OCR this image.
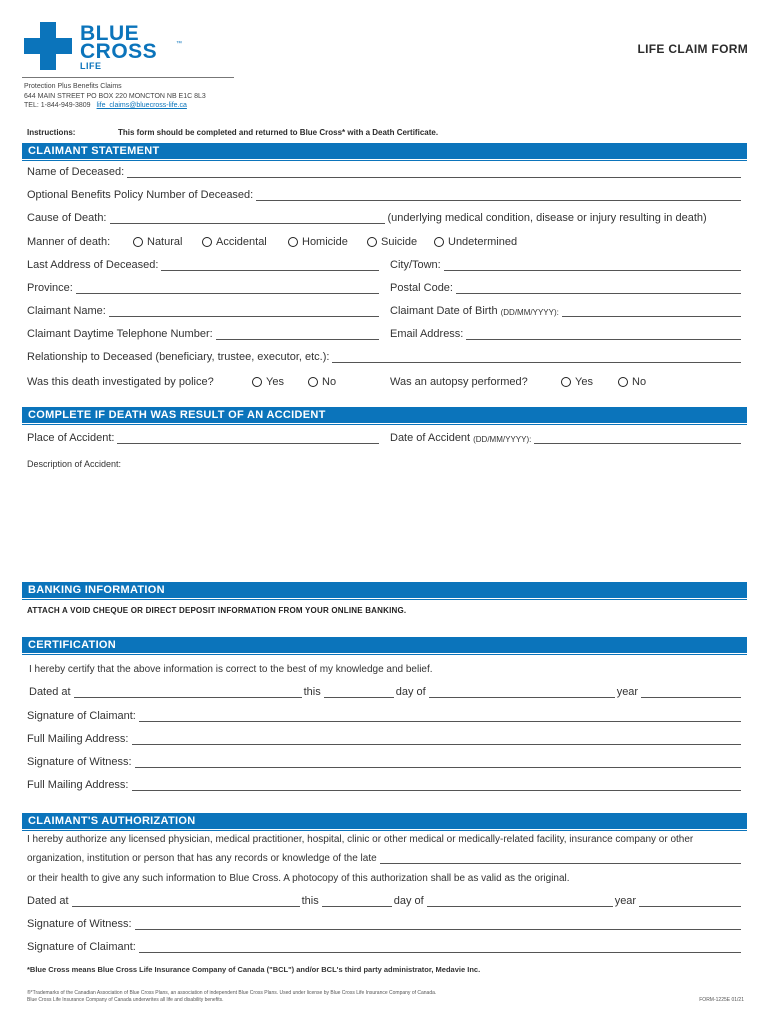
BLUE
CROSS
LIFE
™	LIFE CLAIM FORM
Protection Plus Benefits Claims
644 MAIN STREET PO BOX 220 MONCTON NB E1C 8L3
TEL: 1-844-949-3809 life_claims@bluecross-life.ca
Instructions:	This form should be completed and returned to Blue Cross* with a Death Certificate.
CLAIMANT STATEMENT
Name of Deceased:
Optional Benefits Policy Number of Deceased:
Cause of Death:	(underlying medical condition, disease or injury resulting in death)
Manner of death:	Natural	Accidental	Homicide	Suicide	Undetermined
Last Address of Deceased:	City/Town:
Province:	Postal Code:
Claimant Name:	Claimant Date of Birth (DD/MM/YYYY):
Claimant Daytime Telephone Number:	Email Address:
Relationship to Deceased (beneficiary, trustee, executor, etc.):
Was this death investigated by police?	Yes	No	Was an autopsy performed?	Yes	No
COMPLETE IF DEATH WAS RESULT OF AN ACCIDENT
Place of Accident:	Date of Accident (DD/MM/YYYY):
Description of Accident:
BANKING INFORMATION
ATTACH A VOID CHEQUE OR DIRECT DEPOSIT INFORMATION FROM YOUR ONLINE BANKING.
CERTIFICATION
I hereby certify that the above information is correct to the best of my knowledge and belief.
Dated at	this	day of	year
Signature of Claimant:
Full Mailing Address:
Signature of Witness:
Full Mailing Address:
CLAIMANT'S AUTHORIZATION
I hereby authorize any licensed physician, medical practitioner, hospital, clinic or other medical or medically-related facility, insurance company or other
organization, institution or person that has any records or knowledge of the late
or their health to give any such information to Blue Cross. A photocopy of this authorization shall be as valid as the original.
Dated at	this	day of	year
Signature of Witness:
Signature of Claimant:
*Blue Cross means Blue Cross Life Insurance Company of Canada ("BCL") and/or BCL's third party administrator, Medavie Inc.
®*Trademarks of the Canadian Association of Blue Cross Plans, an association of independent Blue Cross Plans. Used under license by Blue Cross Life Insurance Company of Canada.
Blue Cross Life Insurance Company of Canada underwrites all life and disability benefits.	FORM-1225E 01/21
